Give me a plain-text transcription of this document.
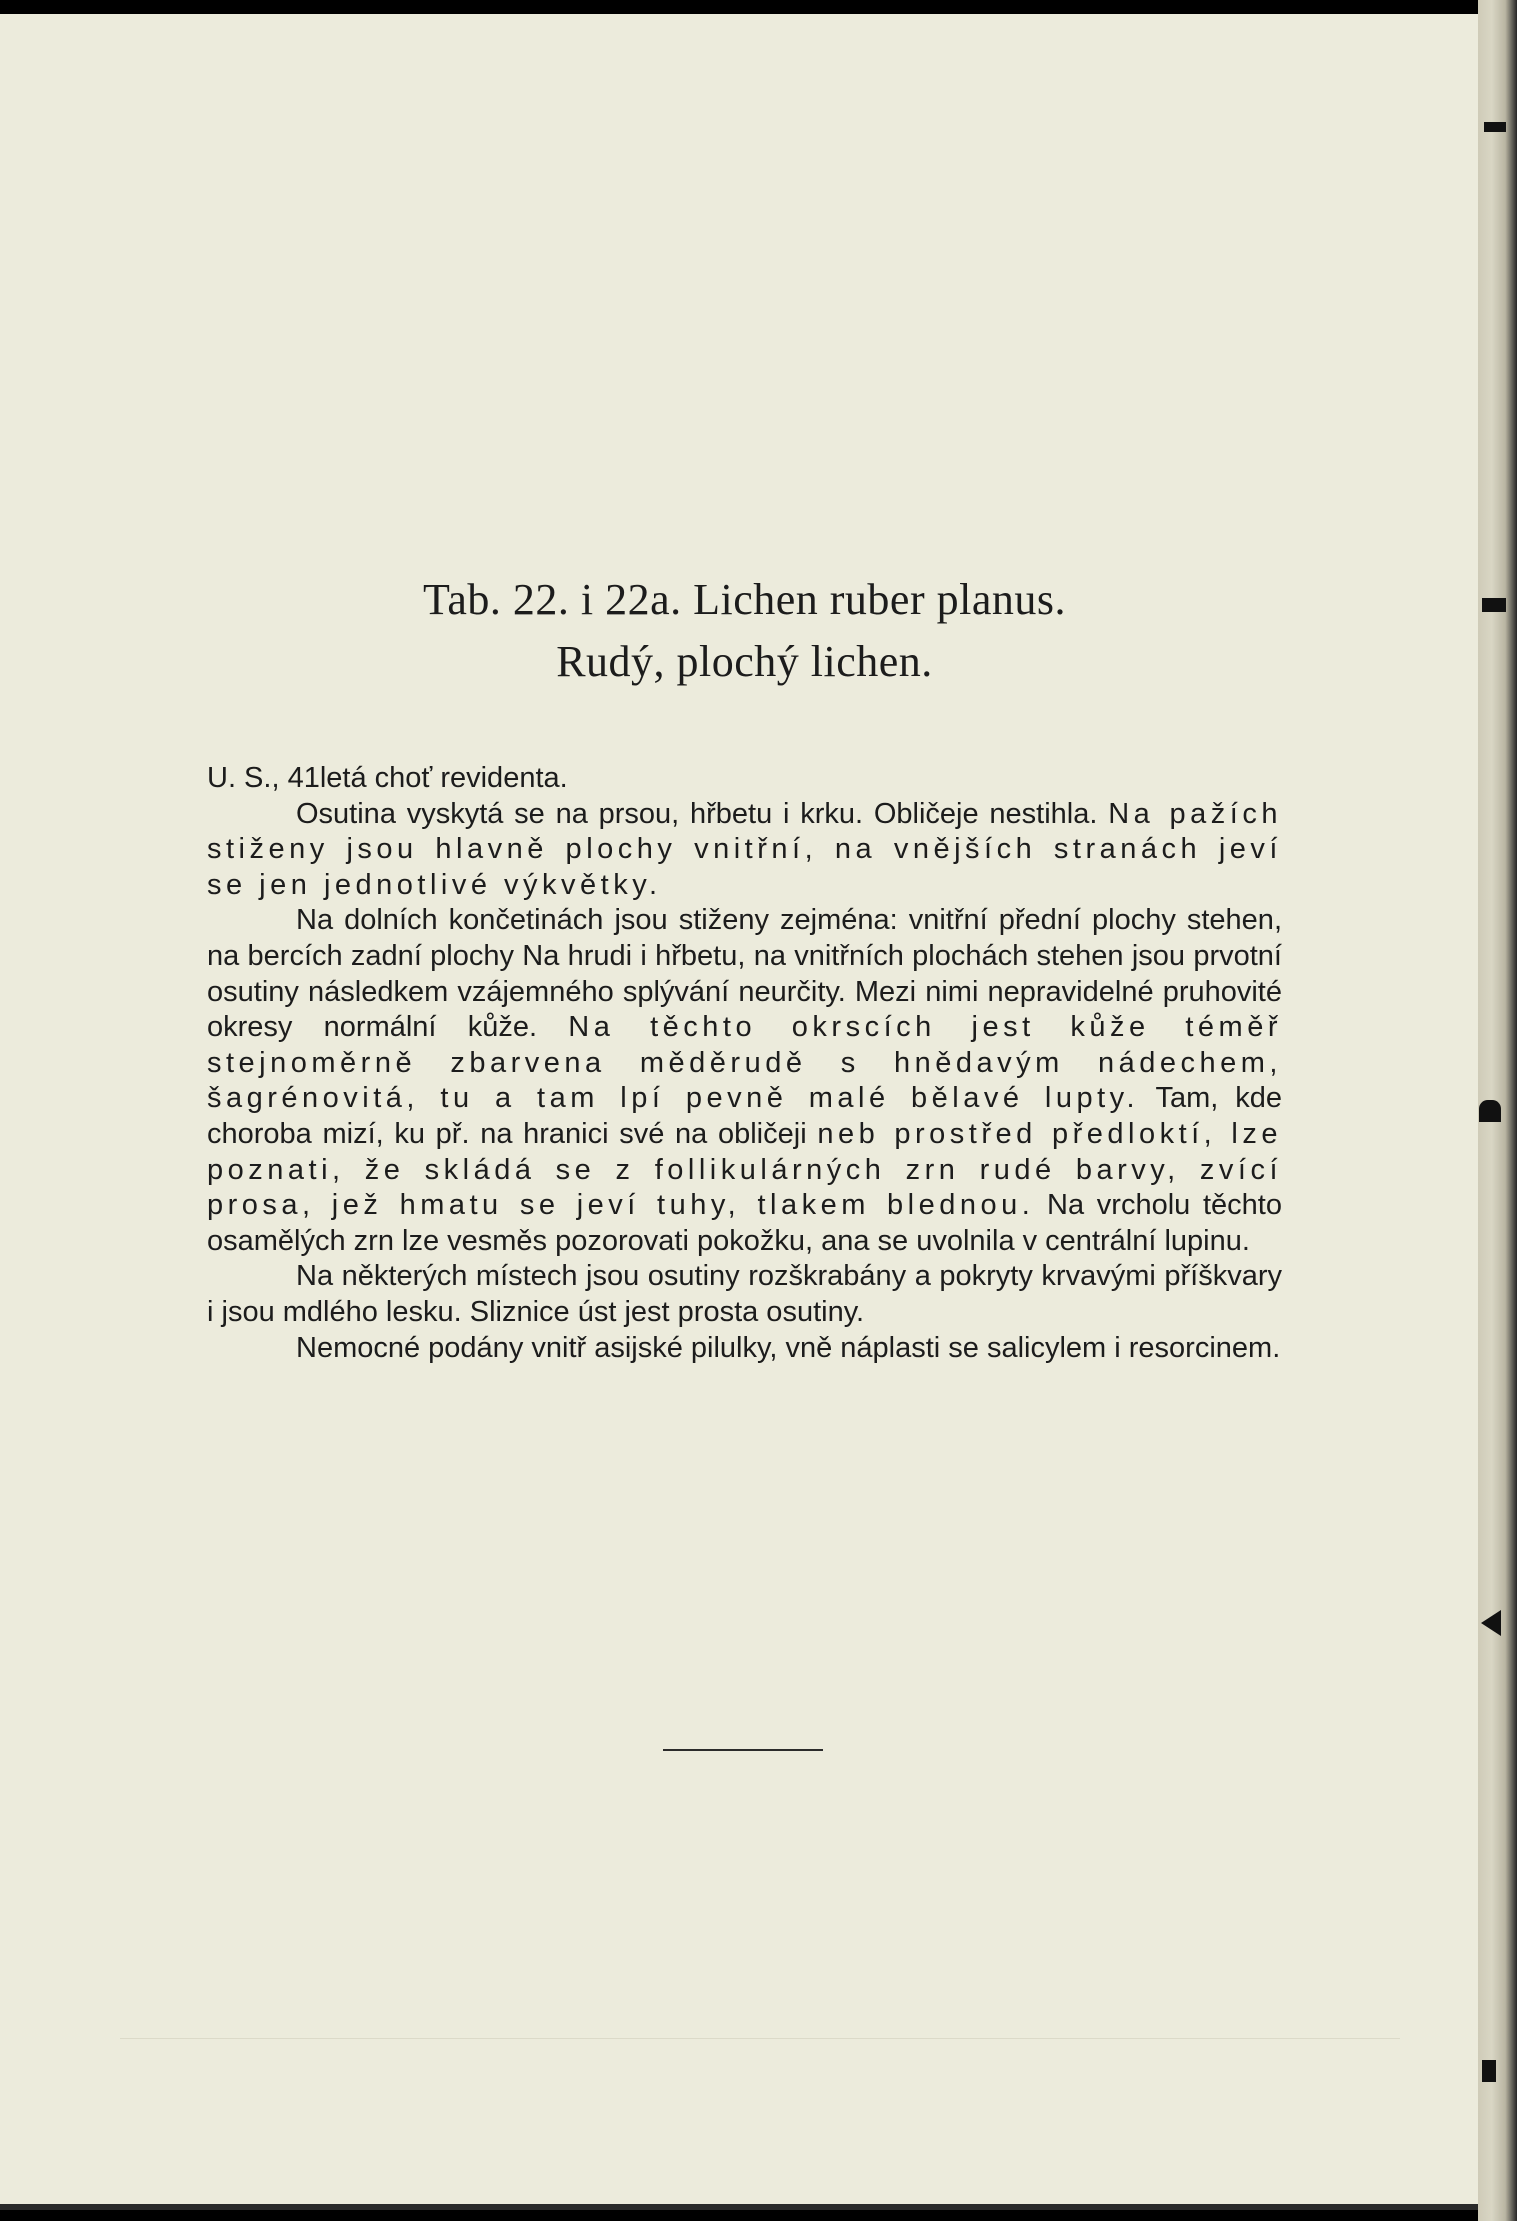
Tab. 22. i 22a. Lichen ruber planus.
Rudý, plochý lichen.

U. S., 41letá choť revidenta.
Osutina vyskytá se na prsou, hřbetu i krku. Obličeje nestihla. Na pažích stiženy jsou hlavně plochy vnitřní, na vnějších stranách jeví se jen jednotlivé výkvětky.

Na dolních končetinách jsou stiženy zejména: vnitřní přední plochy stehen, na bercích zadní plochy Na hrudi i hřbetu, na vnitřních plochách stehen jsou prvotní osutiny následkem vzájemného splývání neurčity. Mezi nimi nepravidelné pruhovité okresy normální kůže. Na těchto okrscích jest kůže téměř stejnoměrně zbarvena měděrudě s hnědavým nádechem, šagrénovitá, tu a tam lpí pevně malé bělavé lupty. Tam, kde choroba mizí, ku př. na hranici své na obličeji neb prostřed předloktí, lze poznati, že skládá se z follikulárných zrn rudé barvy, zvící prosa, jež hmatu se jeví tuhy, tlakem blednou. Na vrcholu těchto osamělých zrn lze vesměs pozorovati pokožku, ana se uvolnila v centrální lupinu.

Na některých místech jsou osutiny rozškrabány a pokryty krvavými příškvary i jsou mdlého lesku. Sliznice úst jest prosta osutiny.

Nemocné podány vnitř asijské pilulky, vně náplasti se salicylem i resorcinem.
